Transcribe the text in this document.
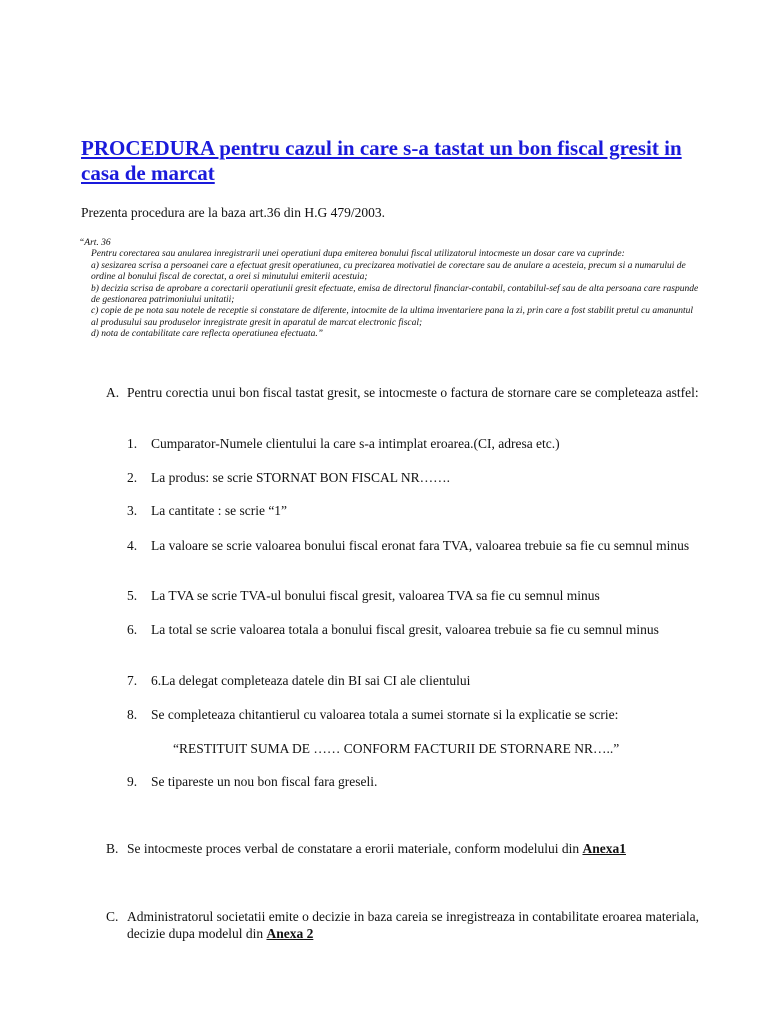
PROCEDURA pentru cazul in care s-a tastat un bon fiscal gresit in casa de marcat
Prezenta procedura are la baza art.36 din H.G 479/2003.
“Art. 36
Pentru corectarea sau anularea inregistrarii unei operatiuni dupa emiterea bonului fiscal utilizatorul intocmeste un dosar care va cuprinde:
a) sesizarea scrisa a persoanei care a efectuat gresit operatiunea, cu precizarea motivatiei de corectare sau de anulare a acesteia, precum si a numarului de ordine al bonului fiscal de corectat, a orei si minutului emiterii acestuia;
b) decizia scrisa de aprobare a corectarii operatiunii gresit efectuate, emisa de directorul financiar-contabil, contabilul-sef sau de alta persoana care raspunde de gestionarea patrimoniului unitatii;
c) copie de pe nota sau notele de receptie si constatare de diferente, intocmite de la ultima inventariere pana la zi, prin care a fost stabilit pretul cu amanuntul al produsului sau produselor inregistrate gresit in aparatul de marcat electronic fiscal;
d) nota de contabilitate care reflecta operatiunea efectuata.”
A. Pentru corectia unui bon fiscal tastat gresit, se intocmeste o factura de stornare care se completeaza astfel:
1. Cumparator-Numele clientului la care s-a intimplat eroarea.(CI, adresa etc.)
2. La produs: se scrie STORNAT BON FISCAL NR…….
3. La cantitate : se scrie “1”
4. La valoare se scrie valoarea bonului fiscal eronat fara TVA, valoarea trebuie sa fie cu semnul minus
5. La TVA se scrie TVA-ul bonului fiscal gresit, valoarea TVA sa fie cu semnul minus
6. La total se scrie valoarea totala a bonului fiscal gresit, valoarea trebuie sa fie cu semnul minus
7. 6.La delegat completeaza datele din BI sai CI ale clientului
8. Se completeaza chitantierul cu valoarea totala a sumei stornate si la explicatie se scrie:
“RESTITUIT SUMA DE …… CONFORM FACTURII DE STORNARE NR…..”
9. Se tipareste un nou bon fiscal fara greseli.
B. Se intocmeste proces verbal de constatare a erorii materiale, conform modelului din Anexa1
C. Administratorul societatii emite o decizie in baza careia se inregistreaza in contabilitate eroarea materiala, decizie dupa modelul din Anexa 2
